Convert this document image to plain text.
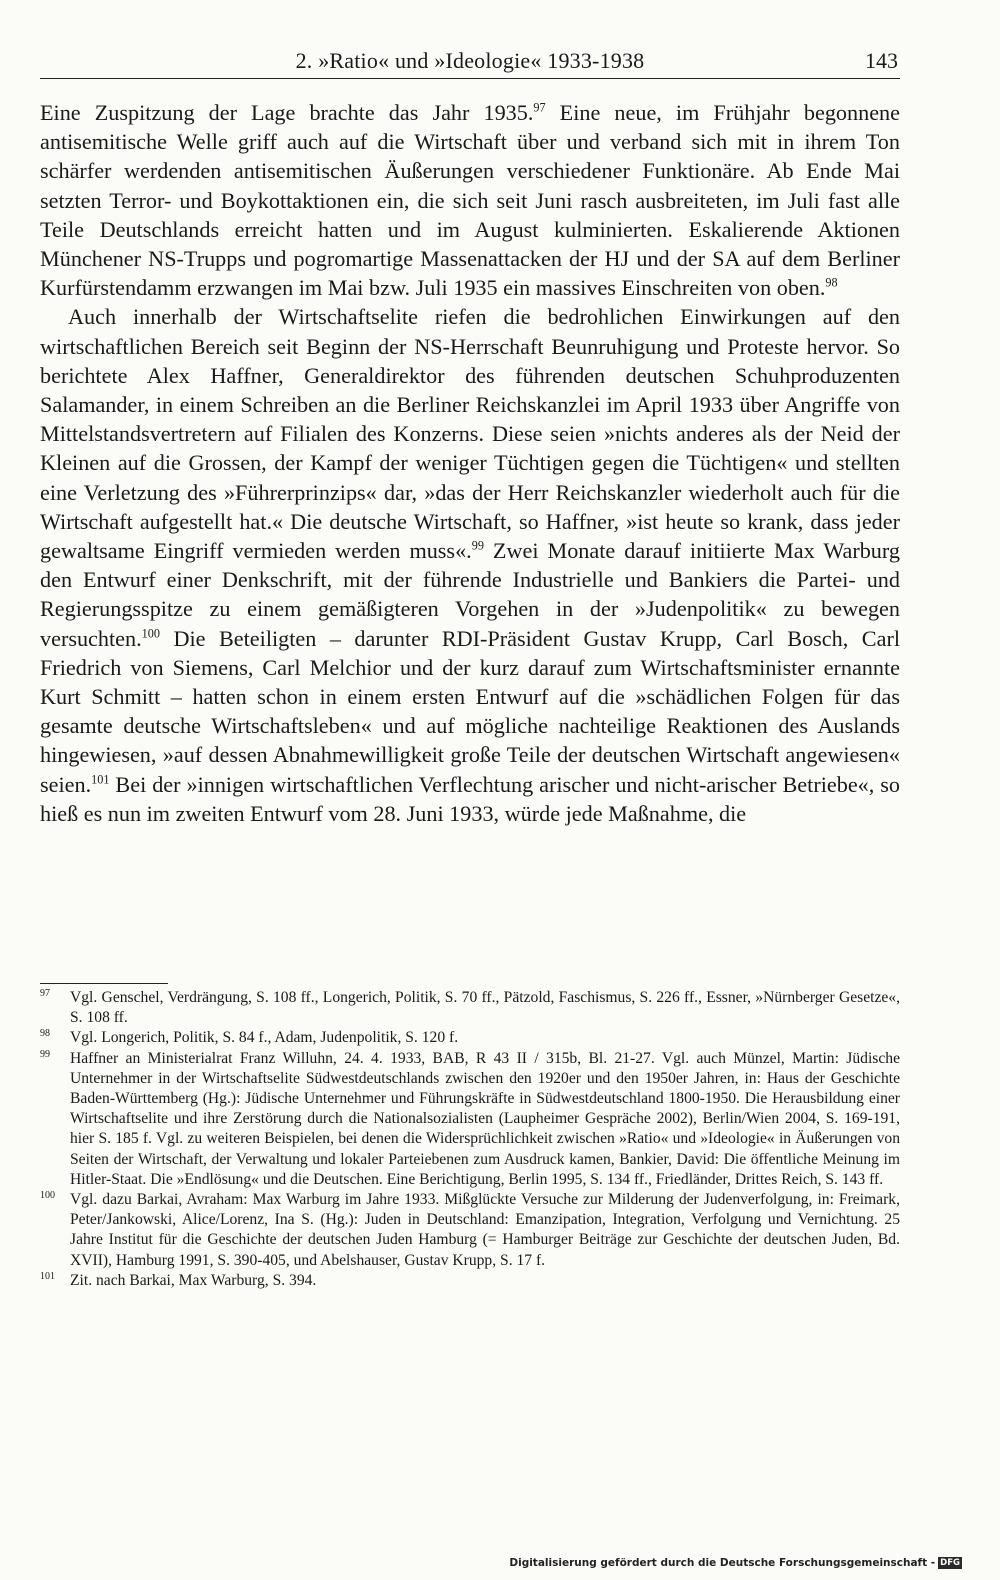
2. »Ratio« und »Ideologie« 1933-1938	143

Eine Zuspitzung der Lage brachte das Jahr 1935.97 Eine neue, im Frühjahr begonnene antisemitische Welle griff auch auf die Wirtschaft über und verband sich mit in ihrem Ton schärfer werdenden antisemitischen Äußerungen verschiedener Funktionäre. Ab Ende Mai setzten Terror- und Boykottaktionen ein, die sich seit Juni rasch ausbreiteten, im Juli fast alle Teile Deutschlands erreicht hatten und im August kulminierten. Eskalierende Aktionen Münchener NS-Trupps und pogromartige Massenattacken der HJ und der SA auf dem Berliner Kurfürstendamm erzwangen im Mai bzw. Juli 1935 ein massives Einschreiten von oben.$^{98}$

Auch innerhalb der Wirtschaftselite riefen die bedrohlichen Einwirkungen auf den wirtschaftlichen Bereich seit Beginn der NS-Herrschaft Beunruhigung und Proteste hervor. So berichtete Alex Haffner, Generaldirektor des führenden deutschen Schuhproduzenten Salamander, in einem Schreiben an die Berliner Reichskanzlei im April 1933 über Angriffe von Mittelstandsvertretern auf Filialen des Konzerns. Diese seien »nichts anderes als der Neid der Kleinen auf die Grossen, der Kampf der weniger Tüchtigen gegen die Tüchtigen« und stellten eine Verletzung des »Führerprinzips« dar, »das der Herr Reichskanzler wiederholt auch für die Wirtschaft aufgestellt hat.« Die deutsche Wirtschaft, so Haffner, »ist heute so krank, dass jeder gewaltsame Eingriff vermieden werden muss«.$^{99}$ Zwei Monate darauf initiierte Max Warburg den Entwurf einer Denkschrift, mit der führende Industrielle und Bankiers die Partei- und Regierungsspitze zu einem gemäßigteren Vorgehen in der »Judenpolitik« zu bewegen versuchten.$^{100}$ Die Beteiligten – darunter RDI-Präsident Gustav Krupp, Carl Bosch, Carl Friedrich von Siemens, Carl Melchior und der kurz darauf zum Wirtschaftsminister ernannte Kurt Schmitt – hatten schon in einem ersten Entwurf auf die »schädlichen Folgen für das gesamte deutsche Wirtschaftsleben« und auf mögliche nachteilige Reaktionen des Auslands hingewiesen, »auf dessen Abnahmewilligkeit große Teile der deutschen Wirtschaft angewiesen« seien.$^{101}$ Bei der »innigen wirtschaftlichen Verflechtung arischer und nicht-arischer Betriebe«, so hieß es nun im zweiten Entwurf vom 28. Juni 1933, würde jede Maßnahme, die

97 Vgl. Genschel, Verdrängung, S. 108 ff., Longerich, Politik, S. 70 ff., Pätzold, Faschismus, S. 226 ff., Essner, »Nürnberger Gesetze«, S. 108 ff.

98 Vgl. Longerich, Politik, S. 84 f., Adam, Judenpolitik, S. 120 f.

99 Haffner an Ministerialrat Franz Willuhn, 24. 4. 1933, BAB, R 43 II / 315b, Bl. 21-27. Vgl. auch Münzel, Martin: Jüdische Unternehmer in der Wirtschaftselite Südwestdeutschlands zwischen den 1920er und den 1950er Jahren, in: Haus der Geschichte Baden-Württemberg (Hg.): Jüdische Unternehmer und Führungskräfte in Südwestdeutschland 1800-1950. Die Herausbildung einer Wirtschaftselite und ihre Zerstörung durch die Nationalsozialisten (Laupheimer Gespräche 2002), Berlin/Wien 2004, S. 169-191, hier S. 185 f. Vgl. zu weiteren Beispielen, bei denen die Widersprüchlichkeit zwischen »Ratio« und »Ideologie« in Äußerungen von Seiten der Wirtschaft, der Verwaltung und lokaler Parteiebenen zum Ausdruck kamen, Bankier, David: Die öffentliche Meinung im Hitler-Staat. Die »Endlösung« und die Deutschen. Eine Berichtigung, Berlin 1995, S. 134 ff., Friedländer, Drittes Reich, S. 143 ff.

100 Vgl. dazu Barkai, Avraham: Max Warburg im Jahre 1933. Mißglückte Versuche zur Milderung der Judenverfolgung, in: Freimark, Peter/Jankowski, Alice/Lorenz, Ina S. (Hg.): Juden in Deutschland: Emanzipation, Integration, Verfolgung und Vernichtung. 25 Jahre Institut für die Geschichte der deutschen Juden Hamburg (= Hamburger Beiträge zur Geschichte der deutschen Juden, Bd. XVII), Hamburg 1991, S. 390-405, und Abelshauser, Gustav Krupp, S. 17 f.

101 Zit. nach Barkai, Max Warburg, S. 394.

Digitalisierung gefördert durch die Deutsche Forschungsgemeinschaft - DFG
